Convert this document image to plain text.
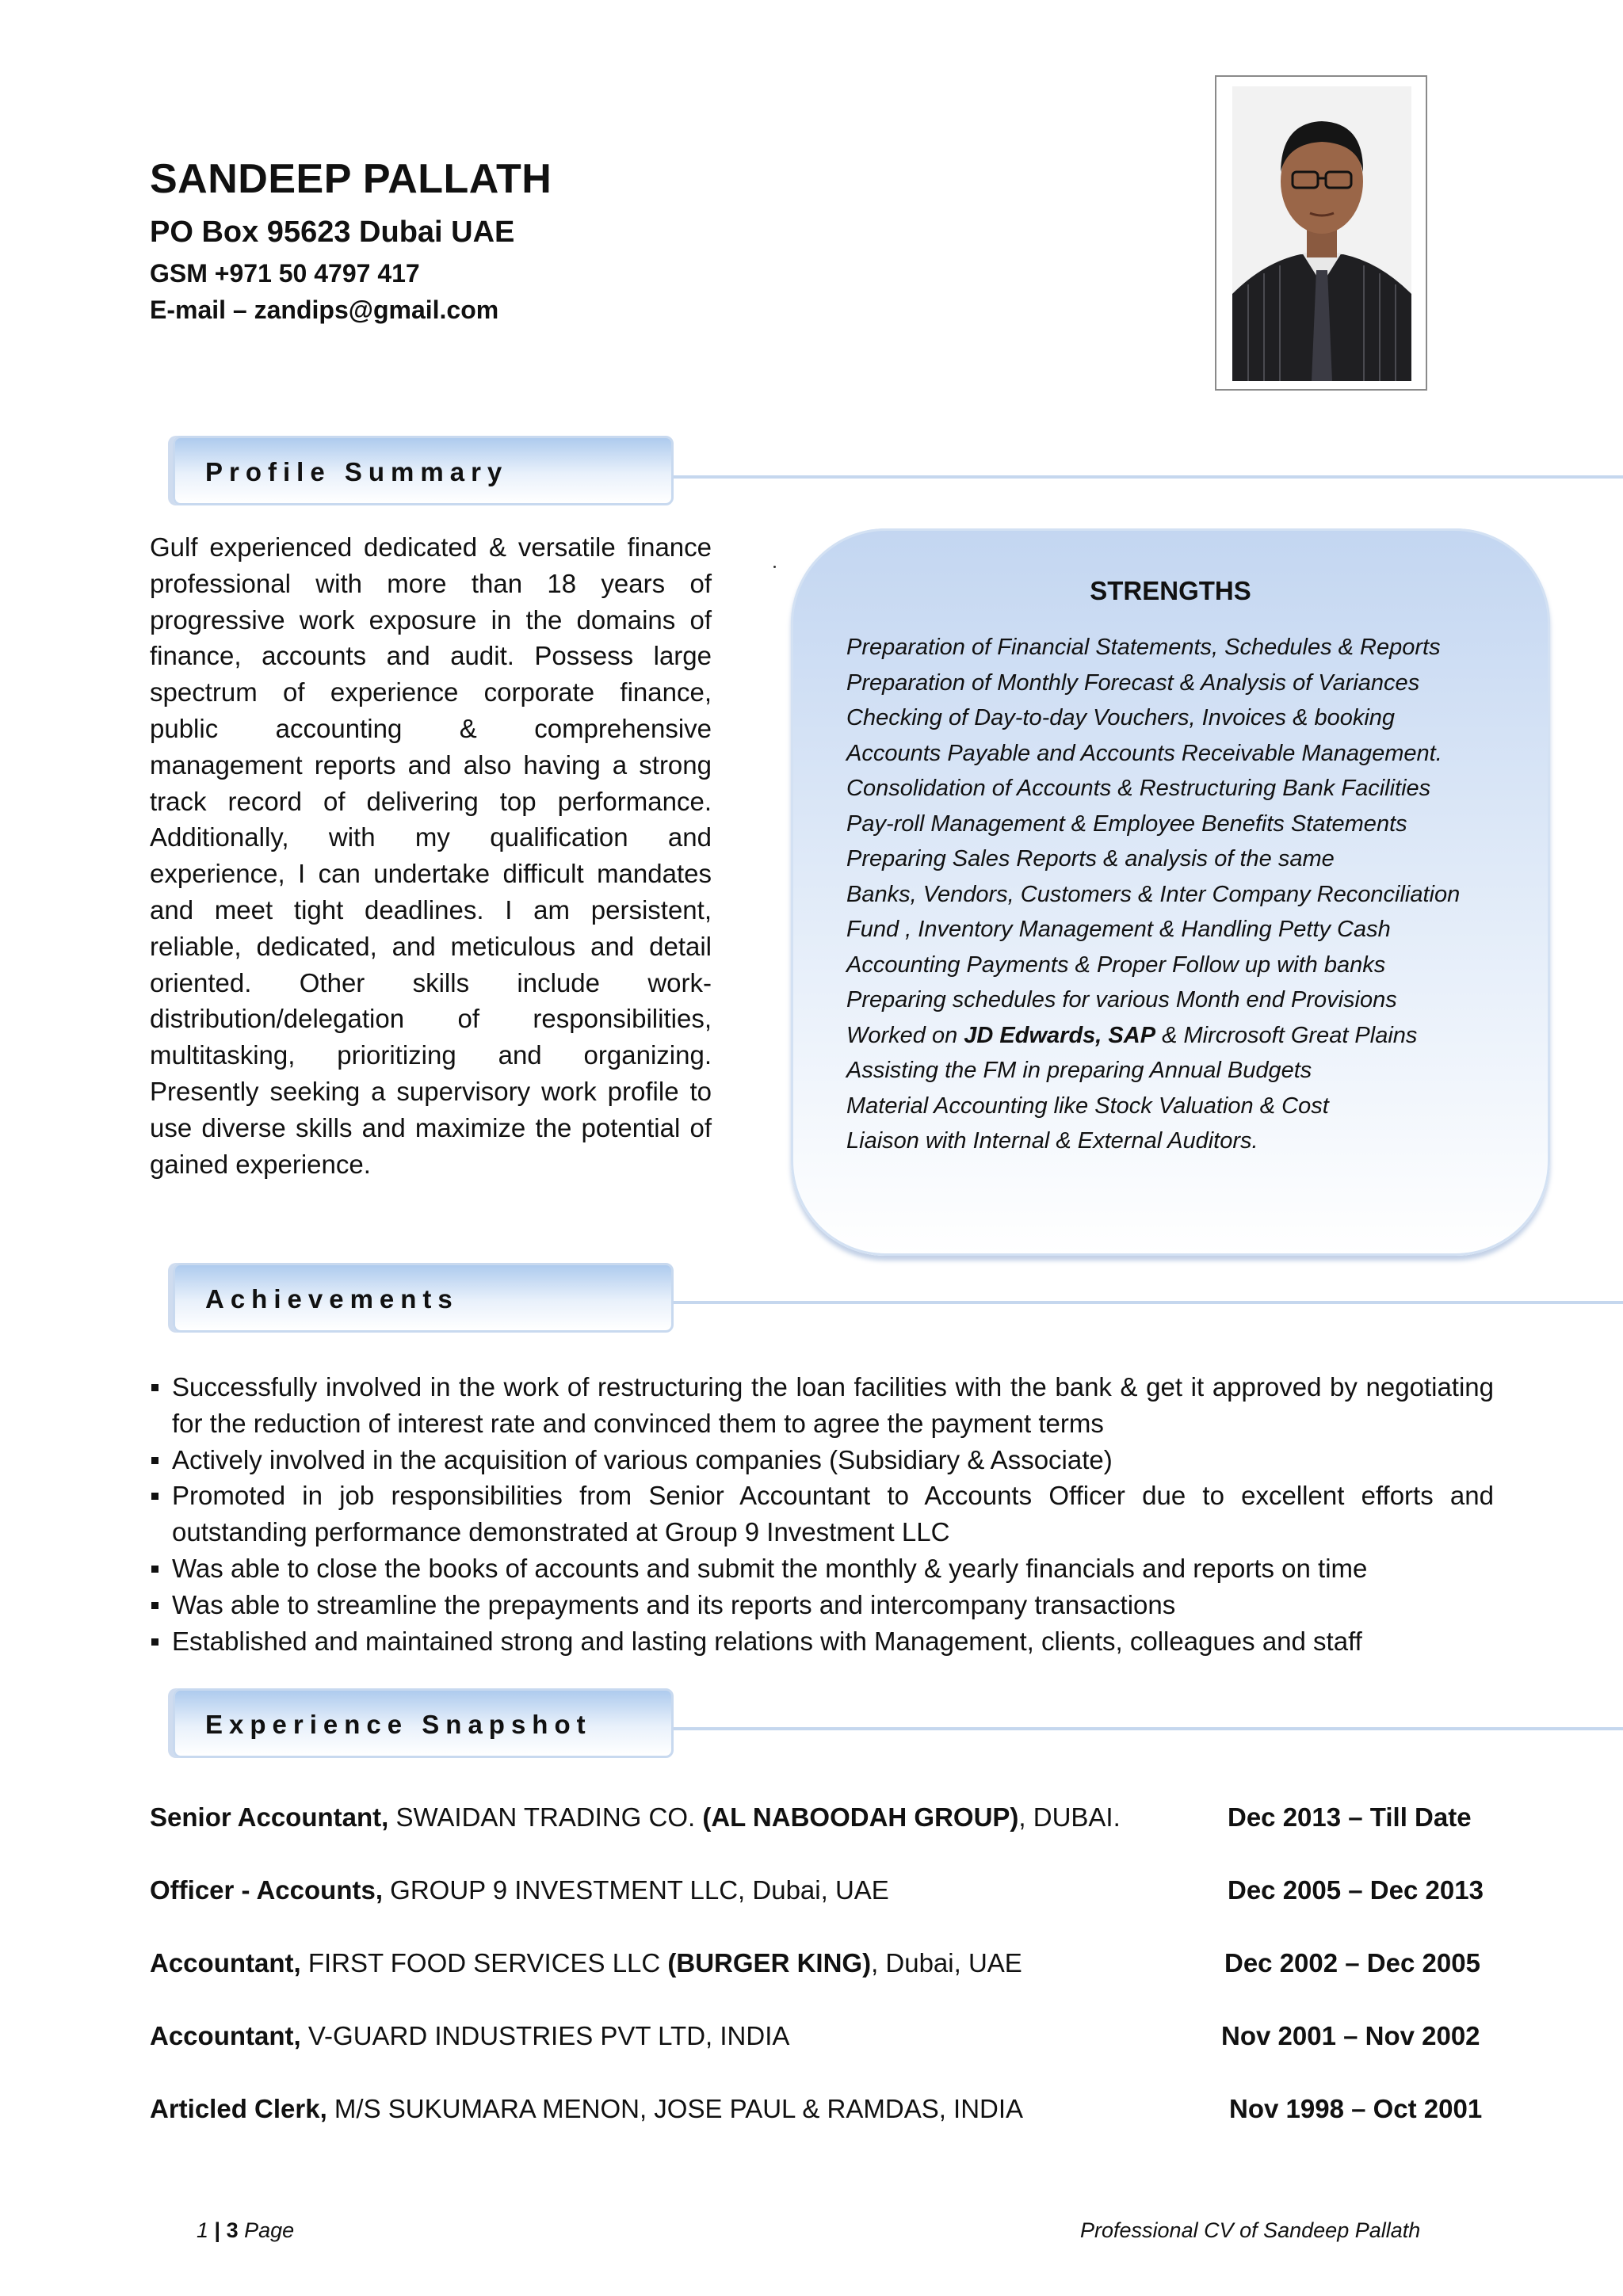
SANDEEP PALLATH

PO Box 95623 Dubai UAE

GSM +971 50 4797 417

E-mail – zandips@gmail.com

Profile Summary

Gulf experienced dedicated & versatile finance professional with more than 18 years of progressive work exposure in the domains of finance, accounts and audit. Possess large spectrum of experience corporate finance, public accounting & comprehensive management reports and also having a strong track record of delivering top performance. Additionally, with my qualification and experience, I can undertake difficult mandates and meet tight deadlines. I am persistent, reliable, dedicated, and meticulous and detail oriented. Other skills include work-distribution/delegation of responsibilities, multitasking, prioritizing and organizing. Presently seeking a supervisory work profile to use diverse skills and maximize the potential of gained experience.

STRENGTHS

Preparation of Financial Statements, Schedules & Reports
Preparation of Monthly Forecast & Analysis of Variances
Checking of Day-to-day Vouchers, Invoices & booking
Accounts Payable and Accounts Receivable Management.
Consolidation of Accounts & Restructuring Bank Facilities
Pay-roll Management & Employee Benefits Statements
Preparing Sales Reports & analysis of the same
Banks, Vendors, Customers & Inter Company Reconciliation
Fund , Inventory Management & Handling Petty Cash
Accounting Payments & Proper Follow up with banks
Preparing schedules for various Month end Provisions
Worked on JD Edwards, SAP & Mircrosoft Great Plains
Assisting the FM in preparing Annual Budgets
Material Accounting like Stock Valuation & Cost
Liaison with Internal & External Auditors.
Achievements
Successfully involved in the work of restructuring the loan facilities with the bank & get it approved by negotiating for the reduction of interest rate and convinced them to agree the payment terms
Actively involved in the acquisition of various companies (Subsidiary & Associate)
Promoted in job responsibilities from Senior Accountant to Accounts Officer due to excellent efforts and outstanding performance demonstrated at Group 9 Investment LLC
Was able to close the books of accounts and submit the monthly & yearly financials and reports on time
Was able to streamline the prepayments and its reports and intercompany transactions
Established and maintained strong and lasting relations with Management, clients, colleagues and staff
Experience Snapshot
Senior Accountant, SWAIDAN TRADING CO. (AL NABOODAH GROUP), DUBAI.	Dec 2013 – Till Date
Officer - Accounts, GROUP 9 INVESTMENT LLC, Dubai, UAE	Dec 2005 – Dec 2013
Accountant, FIRST FOOD SERVICES LLC (BURGER KING), Dubai, UAE	Dec 2002 – Dec 2005
Accountant, V-GUARD INDUSTRIES PVT LTD, INDIA	Nov 2001 – Nov 2002
Articled Clerk, M/S SUKUMARA MENON, JOSE PAUL & RAMDAS, INDIA	Nov 1998 – Oct 2001
1 | 3 Page	Professional CV of Sandeep Pallath
